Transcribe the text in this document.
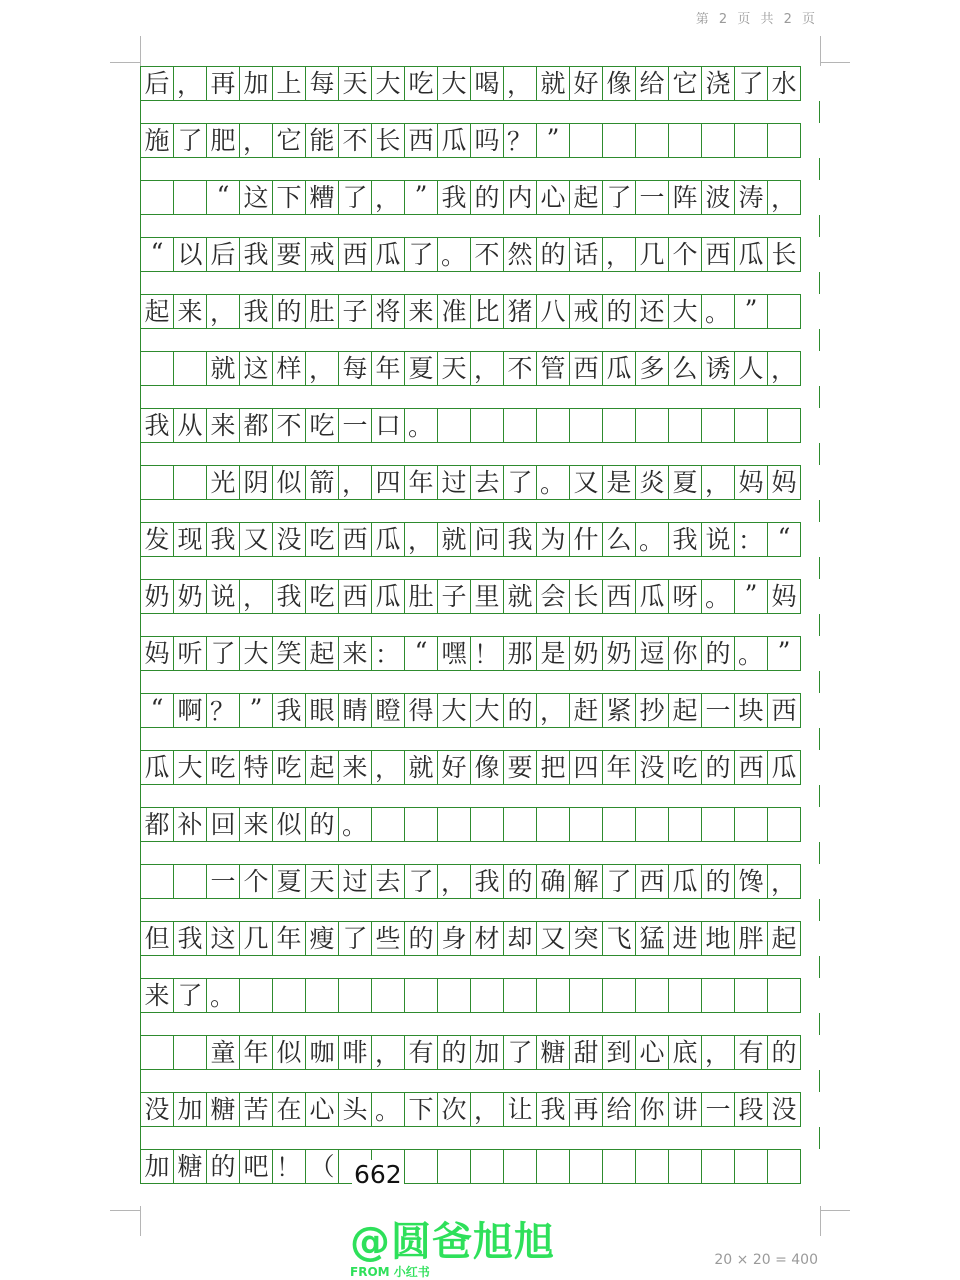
第 2 页 共 2 页
后 ， 再 加 上 每 天 大 吃 大 喝 ， 就 好 像 给 它 浇 了 水
施 了 肥 ， 它 能 不 长 西 瓜 吗 ？ ”
“ 这 下 糟 了 ， ” 我 的 内 心 起 了 一 阵 波 涛 ，
“ 以 后 我 要 戒 西 瓜 了 。 不 然 的 话 ， 几 个 西 瓜 长
起 来 ， 我 的 肚 子 将 来 准 比 猪 八 戒 的 还 大 。 ”
就 这 样 ， 每 年 夏 天 ， 不 管 西 瓜 多 么 诱 人 ，
我 从 来 都 不 吃 一 口 。
光 阴 似 箭 ， 四 年 过 去 了 。 又 是 炎 夏 ， 妈 妈
发 现 我 又 没 吃 西 瓜 ， 就 问 我 为 什 么 。 我 说 ： “
奶 奶 说 ， 我 吃 西 瓜 肚 子 里 就 会 长 西 瓜 呀 。 ” 妈
妈 听 了 大 笑 起 来 ： “ 嘿 ！ 那 是 奶 奶 逗 你 的 。 ”
“ 啊 ？ ” 我 眼 睛 瞪 得 大 大 的 ， 赶 紧 抄 起 一 块 西
瓜 大 吃 特 吃 起 来 ， 就 好 像 要 把 四 年 没 吃 的 西 瓜
都 补 回 来 似 的 。
一 个 夏 天 过 去 了 ， 我 的 确 解 了 西 瓜 的 馋 ，
但 我 这 几 年 瘦 了 些 的 身 材 却 又 突 飞 猛 进 地 胖 起
来 了 。
童 年 似 咖 啡 ， 有 的 加 了 糖 甜 到 心 底 ， 有 的
没 加 糖 苦 在 心 头 。 下 次 ， 让 我 再 给 你 讲 一 段 没
加 糖 的 吧 ！ （ 662
20 × 20 = 400
@圆爸旭旭
FROM 小红书
